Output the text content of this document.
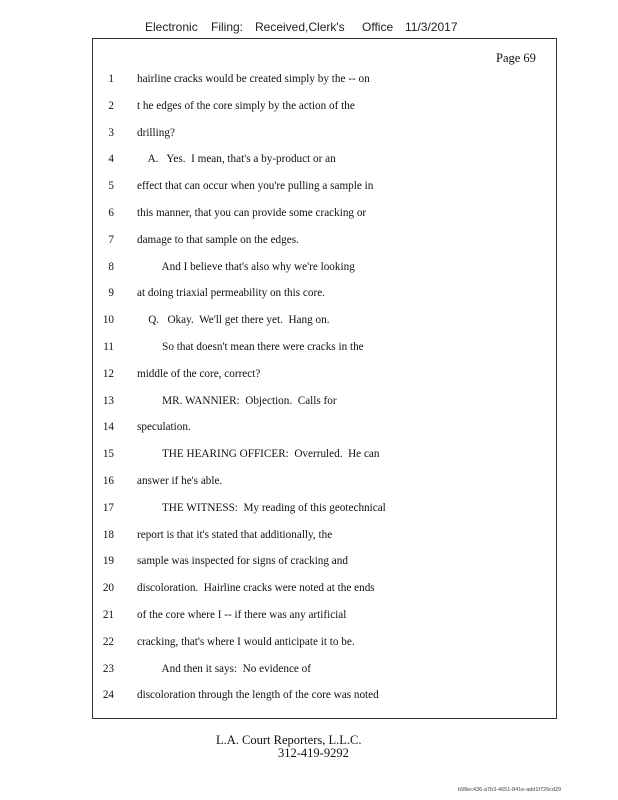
Electronic Filing: Received,Clerk's Office 11/3/2017
Page 69
1 hairline cracks would be created simply by the -- on
2 t he edges of the core simply by the action of the
3 drilling?
4 A.   Yes.  I mean, that's a by-product or an
5 effect that can occur when you're pulling a sample in
6 this manner, that you can provide some cracking or
7 damage to that sample on the edges.
8 And I believe that's also why we're looking
9 at doing triaxial permeability on this core.
10 Q.   Okay.  We'll get there yet.  Hang on.
11 So that doesn't mean there were cracks in the
12 middle of the core, correct?
13 MR. WANNIER:  Objection.  Calls for
14 speculation.
15 THE HEARING OFFICER:  Overruled.  He can
16 answer if he's able.
17 THE WITNESS:  My reading of this geotechnical
18 report is that it's stated that additionally, the
19 sample was inspected for signs of cracking and
20 discoloration.  Hairline cracks were noted at the ends
21 of the core where I -- if there was any artificial
22 cracking, that's where I would anticipate it to be.
23 And then it says:  No evidence of
24 discoloration through the length of the core was noted
L.A. Court Reporters, L.L.C.
312-419-9292
b98ec436-a7b3-4651-841e-add1f726cd29
